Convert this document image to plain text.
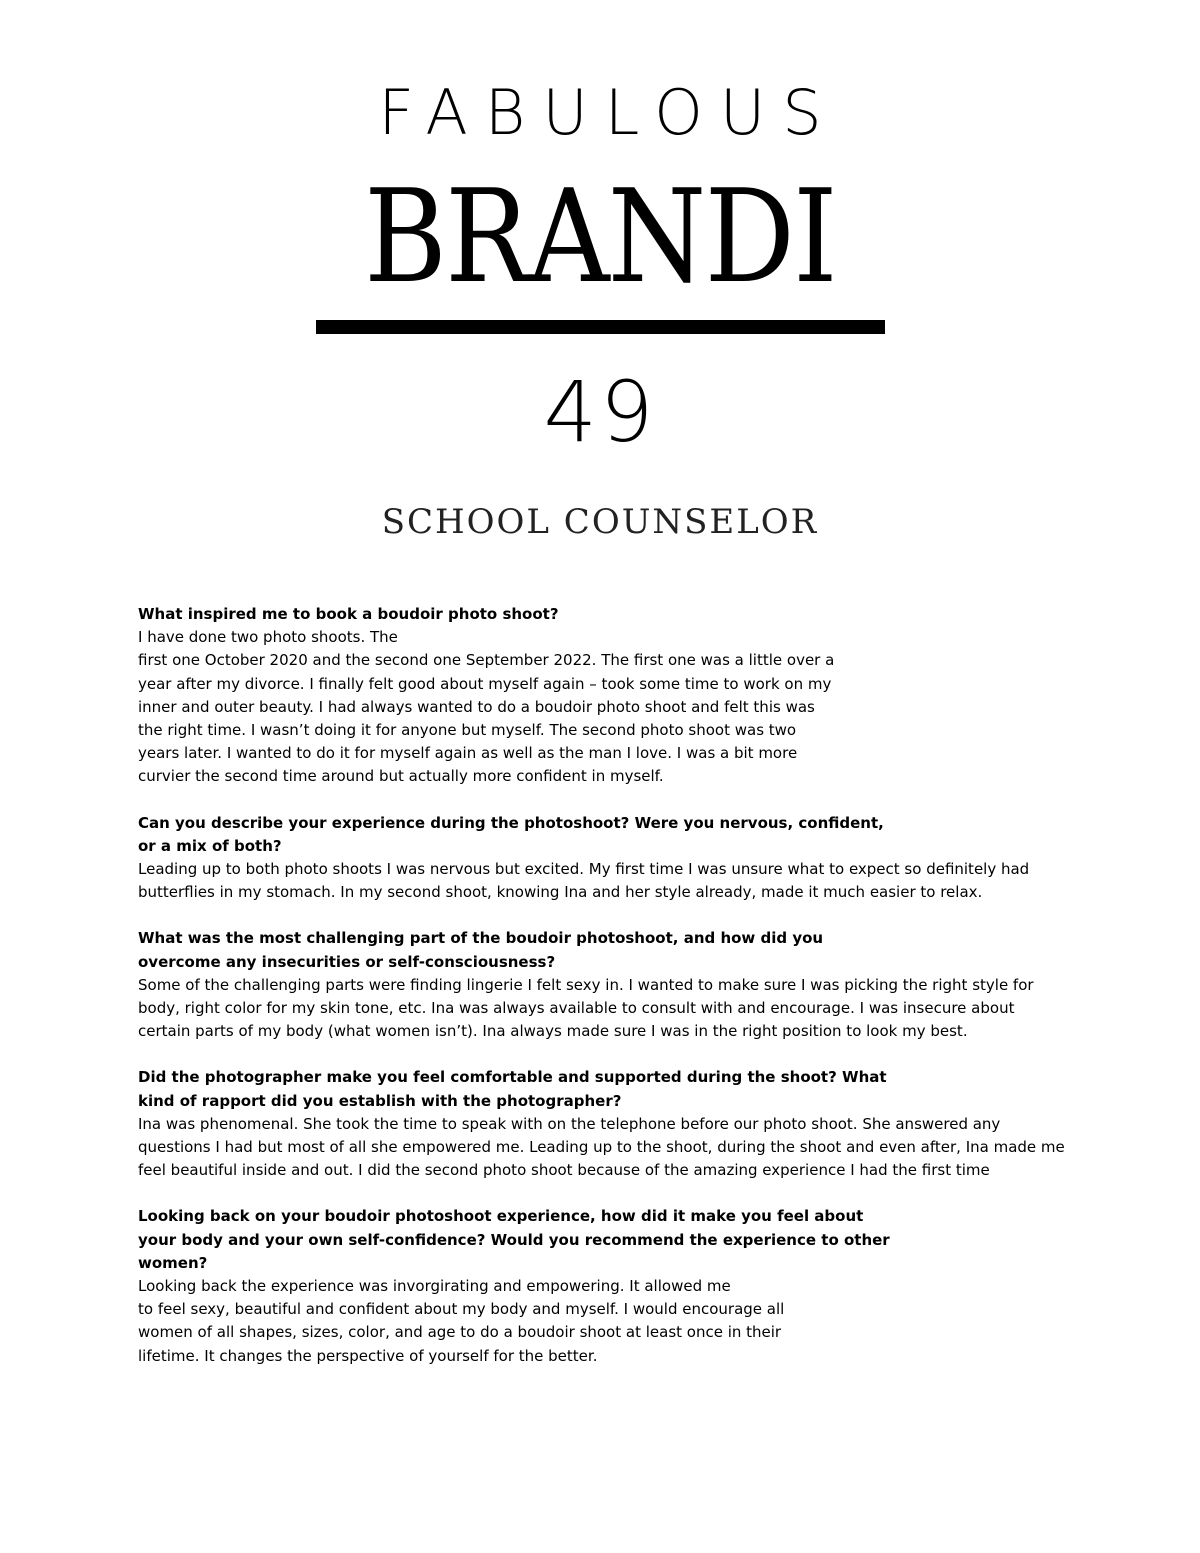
FABULOUS
BRANDI
49
SCHOOL COUNSELOR

What inspired me to book a boudoir photo shoot?

I have done two photo shoots. The
first one October 2020 and the second one September 2022. The first one was a little over a year after my divorce. I finally felt good about myself again – took some time to work on my inner and outer beauty. I had always wanted to do a boudoir photo shoot and felt this was the right time. I wasn’t doing it for anyone but myself. The second photo shoot was two years later. I wanted to do it for myself again as well as the man I love. I was a bit more curvier the second time around but actually more confident in myself.

Can you describe your experience during the photoshoot? Were you nervous, confident, or a mix of both?

Leading up to both photo shoots I was nervous but excited. My first time I was unsure what to expect so definitely had butterflies in my stomach. In my second shoot, knowing Ina and her style already, made it much easier to relax.

What was the most challenging part of the boudoir photoshoot, and how did you overcome any insecurities or self-consciousness?

Some of the challenging parts were finding lingerie I felt sexy in. I wanted to make sure I was picking the right style for body, right color for my skin tone, etc. Ina was always available to consult with and encourage. I was insecure about certain parts of my body (what women isn’t). Ina always made sure I was in the right position to look my best.

Did the photographer make you feel comfortable and supported during the shoot? What kind of rapport did you establish with the photographer?

Ina was phenomenal. She took the time to speak with on the telephone before our photo shoot. She answered any questions I had but most of all she empowered me. Leading up to the shoot, during the shoot and even after, Ina made me feel beautiful inside and out. I did the second photo shoot because of the amazing experience I had the first time

Looking back on your boudoir photoshoot experience, how did it make you feel about your body and your own self-confidence? Would you recommend the experience to other women?

Looking back the experience was invorgirating and empowering. It allowed me
to feel sexy, beautiful and confident about my body and myself. I would encourage all women of all shapes, sizes, color, and age to do a boudoir shoot at least once in their lifetime. It changes the perspective of yourself for the better.
